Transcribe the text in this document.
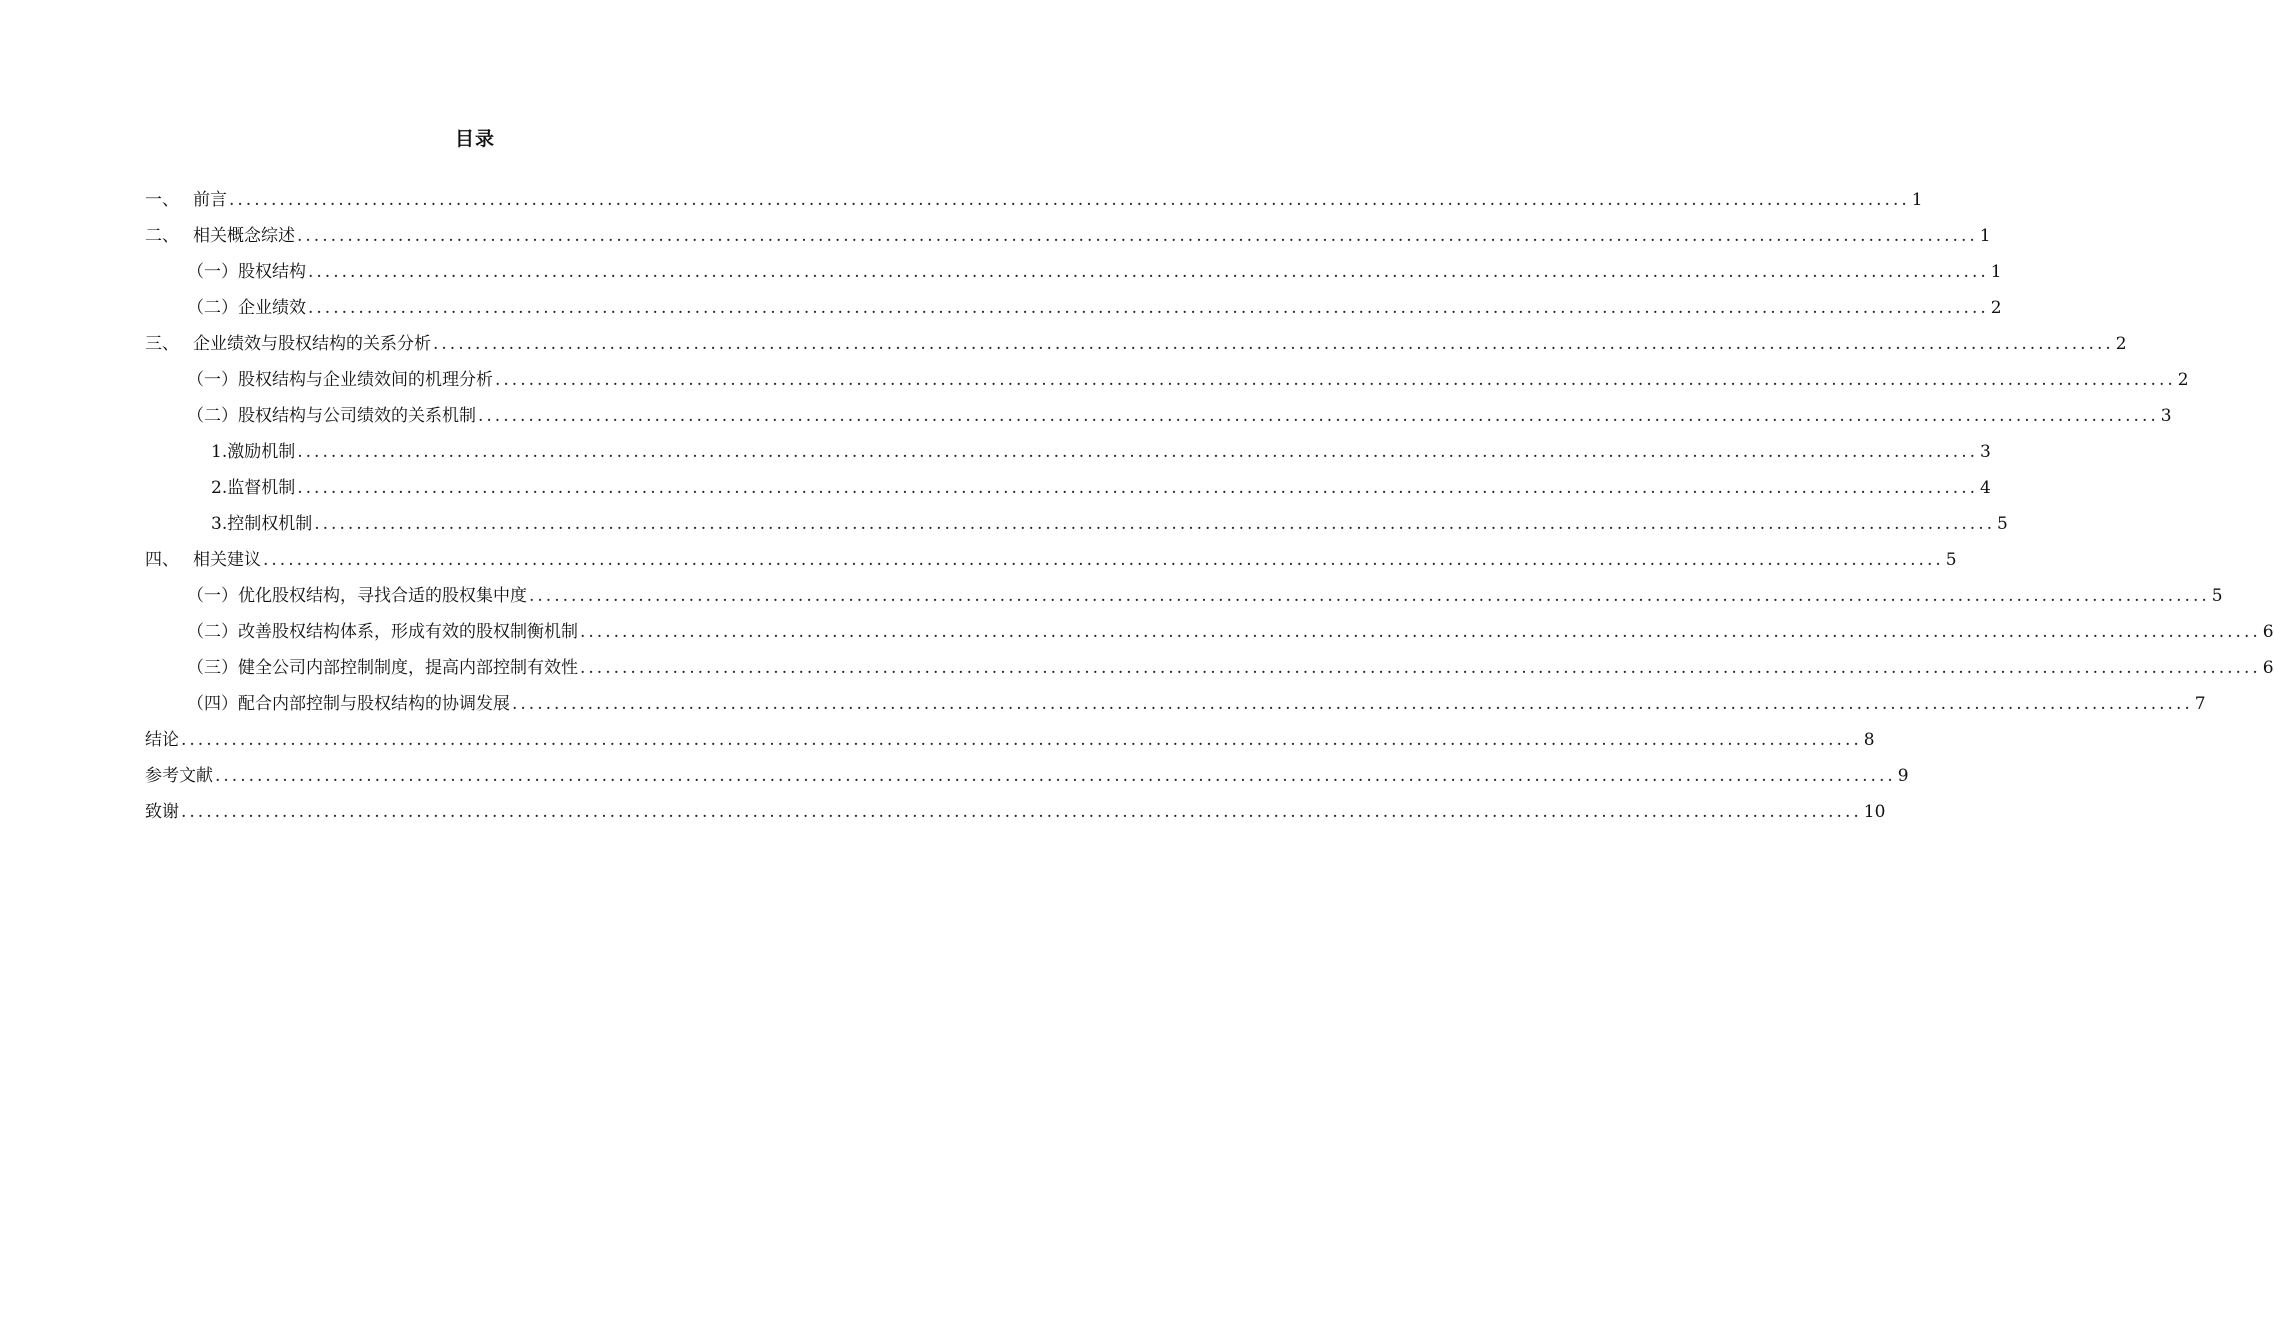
目录
一、 前言 ........................................................................................................................................................................................................ 1
二、 相关概念综述 ........................................................................................................................................................................................................ 1
（一） 股权结构 ........................................................................................................................................................................................................ 1
（二） 企业绩效 ........................................................................................................................................................................................................ 2
三、 企业绩效与股权结构的关系分析 ........................................................................................................................................................................................................ 2
（一） 股权结构与企业绩效间的机理分析 ........................................................................................................................................................................................................ 2
（二） 股权结构与公司绩效的关系机制 ........................................................................................................................................................................................................ 3
1. 激励机制 ........................................................................................................................................................................................................ 3
2. 监督机制 ........................................................................................................................................................................................................ 4
3. 控制权机制 ........................................................................................................................................................................................................ 5
四、 相关建议 ........................................................................................................................................................................................................ 5
（一） 优化股权结构，寻找合适的股权集中度 ........................................................................................................................................................................................................ 5
（二） 改善股权结构体系，形成有效的股权制衡机制 ........................................................................................................................................................................................................ 6
（三） 健全公司内部控制制度，提高内部控制有效性 ........................................................................................................................................................................................................ 6
（四） 配合内部控制与股权结构的协调发展 ........................................................................................................................................................................................................ 7
结论 ........................................................................................................................................................................................................ 8
参考文献 ........................................................................................................................................................................................................ 9
致谢 ........................................................................................................................................................................................................ 10
